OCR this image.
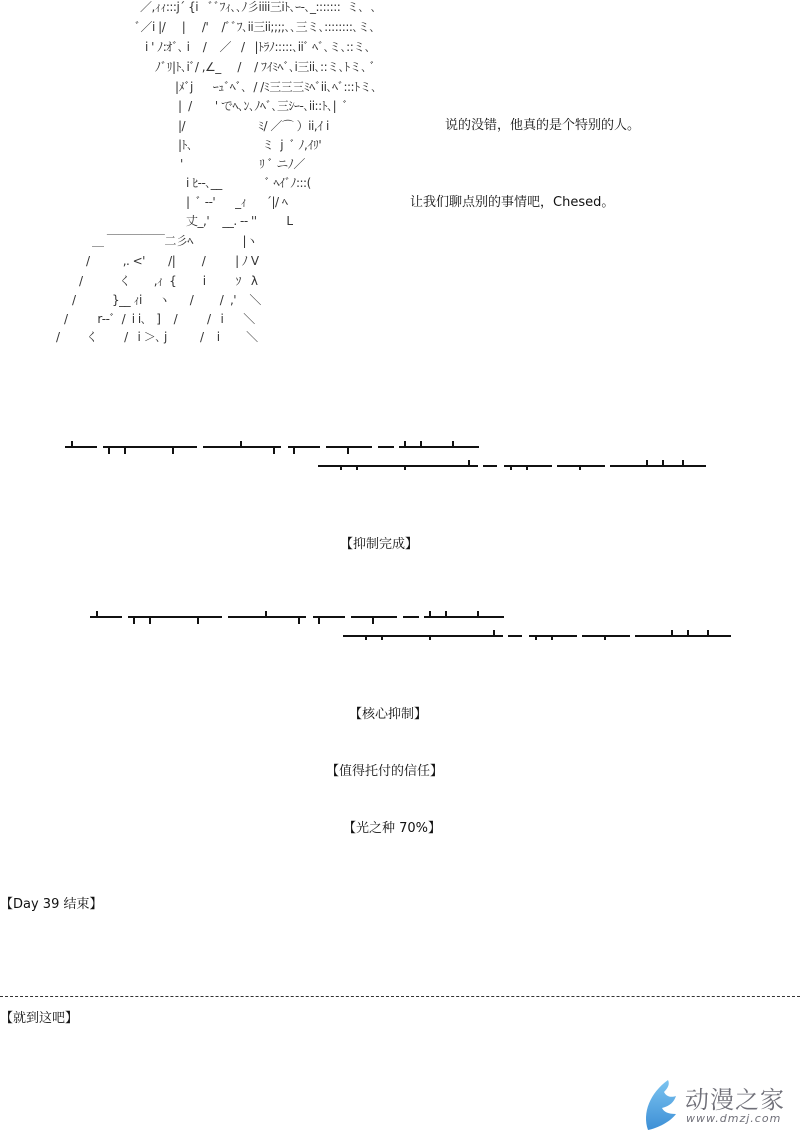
／,ｨｨ:::j´ {i   ﾞﾞﾌｨ､､ﾉ彡iiii三iﾄ､ｰ‐､_:::::::  ミ､  ､
ﾞ／i |/     |     /'    /ﾞﾞﾌ､ii三ii;;;;､､三ミ､::::::::､ミ､
i ' ﾉ:ｵﾞ､ i    /    ／   /   |ﾄﾗﾉ:::::､iiﾞ ﾍﾞ､ミ､::ミ､
ﾉﾞﾘ|ﾄ､iﾞ/ ,∠_     /    / ﾌｲﾐﾍﾞ､i三ii､::ミ､ﾄミ､ ﾞ
|ﾒﾞj      ｰｭﾞﾍﾞ､  / /ﾐ三三三ﾐﾍﾞii､ﾍﾞ:::ﾄミ､
|  /       ' でﾍ､ﾝ､ﾉﾍﾞ､三ｼｰ‐､ii::ﾄ､|  ﾞ
|/                      ﾐ/ ／⌒ ）ii,ｲ i
|ﾄ､                     ミ  j  ﾞ ﾉ,ｲﾘ'
'                       ﾘ ﾞ ニﾉ／
i ﾋ‐-､__             ﾞ ﾍｲﾞﾉ:::(
|  ﾞ ‐‐'      _ｨ      ´|/ ﾍ
丈_,'    __. ‐‐ ''         L
＿ ￣￣￣￣￣二彡ﾍ               |ヽ
/          ,. <'       /|        /         | ﾉ V
/           く       ,ｨ  {        i         ｿ   λ
/           }__ ｨi     ヽ      /        /  ,'    ＼
/         r‐‐ﾞ  /  i i､   ]    /         /   i      ＼
/        く        /   i ＞､ j          /    i        ＼
说的没错，他真的是个特别的人。
让我们聊点别的事情吧，Chesed。
【抑制完成】
【核心抑制】
【值得托付的信任】
【光之种 70%】
【Day 39 结束】
【就到这吧】
动漫之家
www.dmzj.com
